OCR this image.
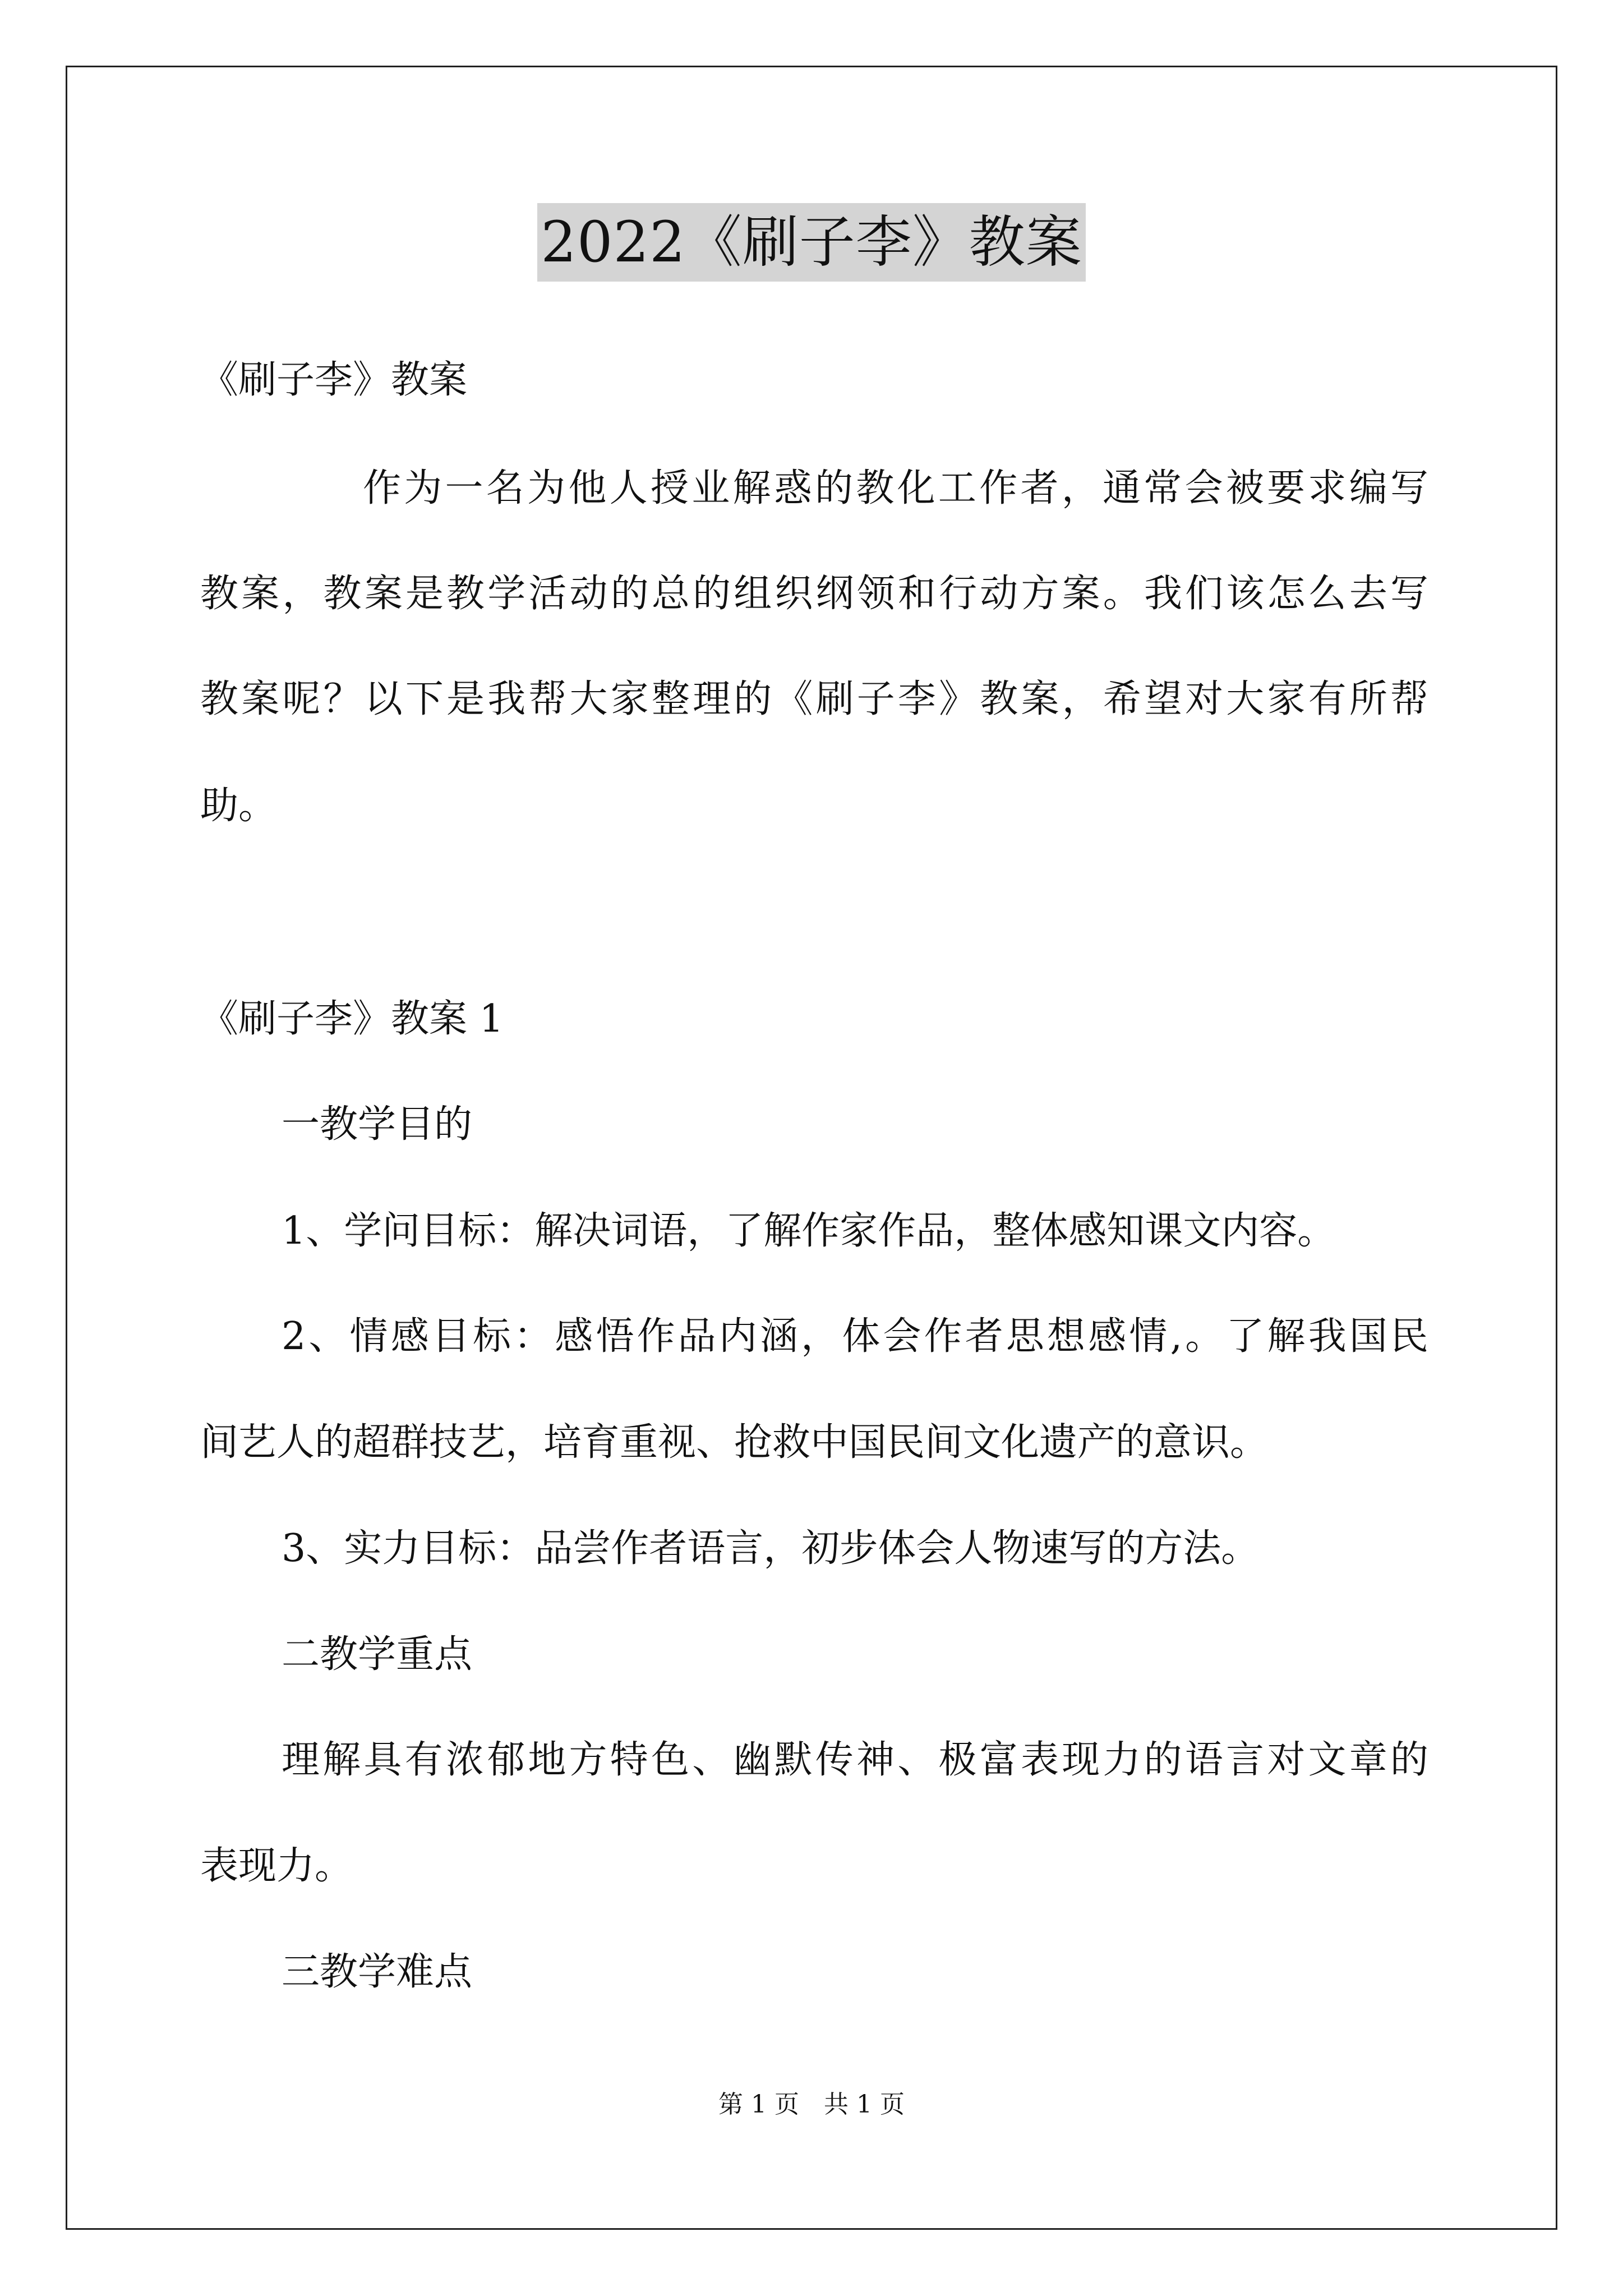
2022《刷子李》教案
《刷子李》教案
作为一名为他人授业解惑的教化工作者，通常会被要求编写
教案，教案是教学活动的总的组织纲领和行动方案。我们该怎么去写
教案呢？以下是我帮大家整理的《刷子李》教案，希望对大家有所帮
助。
《刷子李》教案 1
一教学目的
1、学问目标：解决词语，了解作家作品，整体感知课文内容。
2、情感目标：感悟作品内涵，体会作者思想感情,。了解我国民
间艺人的超群技艺，培育重视、抢救中国民间文化遗产的意识。
3、实力目标：品尝作者语言，初步体会人物速写的方法。
二教学重点
理解具有浓郁地方特色、幽默传神、极富表现力的语言对文章的
表现力。
三教学难点
第 1 页　共 1 页
